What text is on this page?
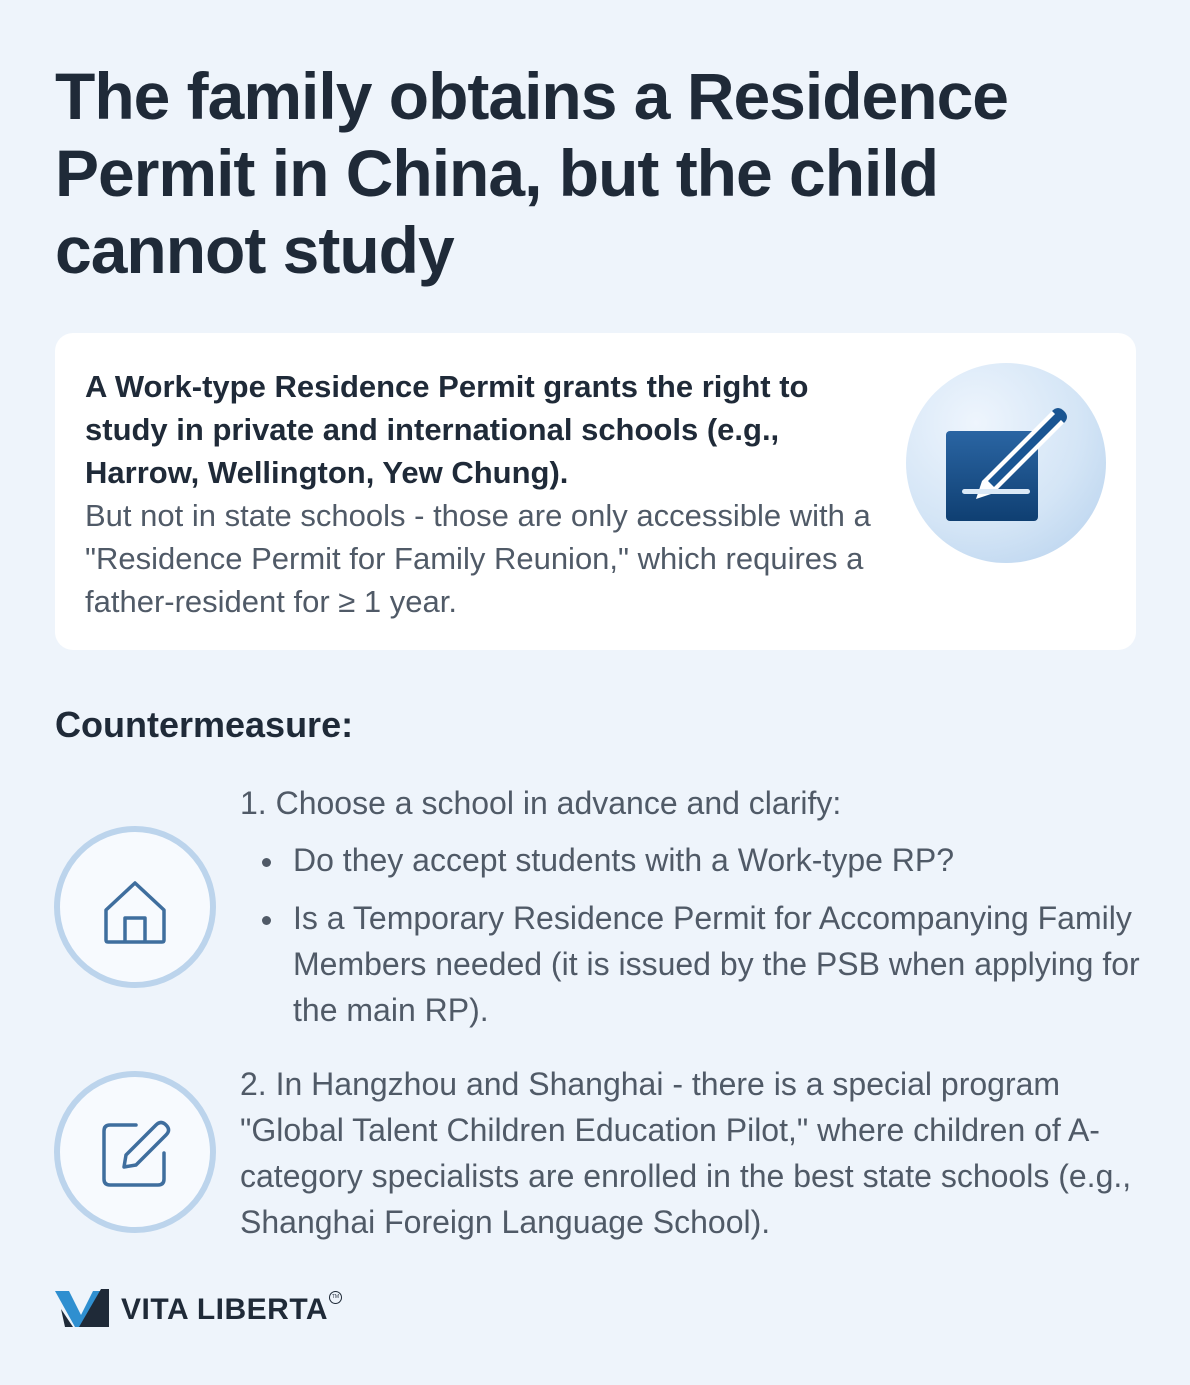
The family obtains a Residence Permit in China, but the child cannot study
A Work-type Residence Permit grants the right to study in private and international schools (e.g., Harrow, Wellington, Yew Chung).
But not in state schools - those are only accessible with a "Residence Permit for Family Reunion," which requires a father-resident for ≥ 1 year.
Countermeasure:
1. Choose a school in advance and clarify:
Do they accept students with a Work-type RP?
Is a Temporary Residence Permit for Accompanying Family Members needed (it is issued by the PSB when applying for the main RP).
2. In Hangzhou and Shanghai - there is a special program "Global Talent Children Education Pilot," where children of A-category specialists are enrolled in the best state schools (e.g., Shanghai Foreign Language School).
VITA LIBERTA TM
